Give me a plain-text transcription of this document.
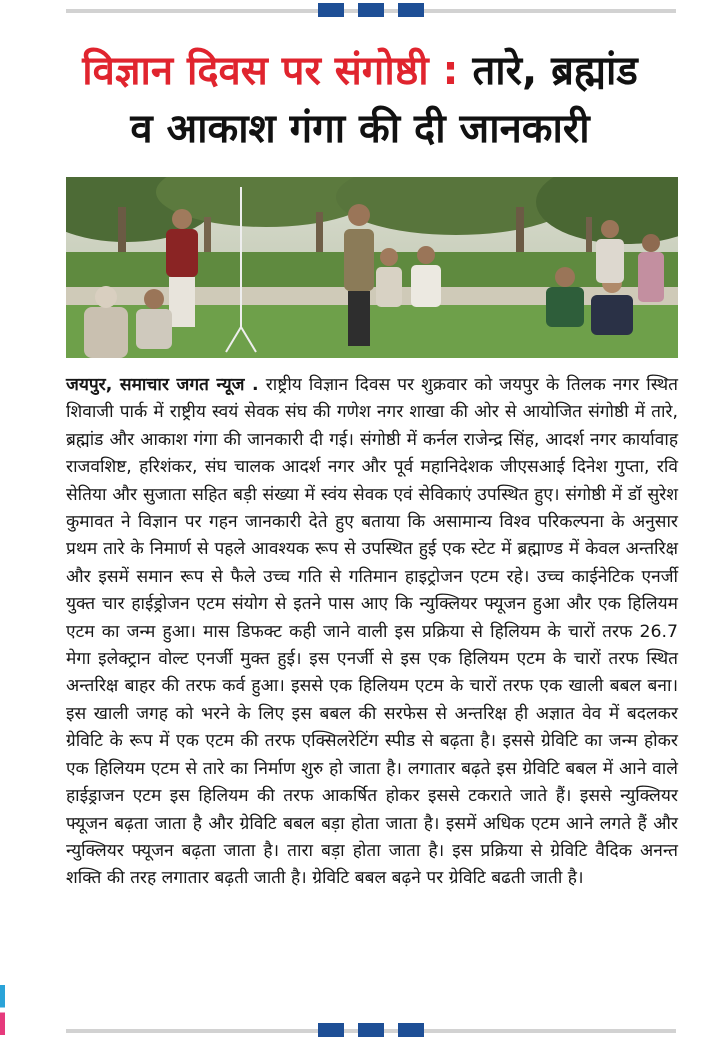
विज्ञान दिवस पर संगोष्ठी : तारे, ब्रह्मांड
व आकाश गंगा की दी जानकारी
जयपुर, समाचार जगत न्यूज . राष्ट्रीय विज्ञान दिवस पर शुक्रवार को जयपुर के तिलक नगर स्थित शिवाजी पार्क में राष्ट्रीय स्वयं सेवक संघ की गणेश नगर शाखा की ओर से आयोजित संगोष्ठी में तारे, ब्रह्मांड और आकाश गंगा की जानकारी दी गई। संगोष्ठी में कर्नल राजेन्द्र सिंह, आदर्श नगर कार्यावाह राजवशिष्ट, हरिशंकर, संघ चालक आदर्श नगर और पूर्व महानिदेशक जीएसआई दिनेश गुप्ता, रवि सेतिया और सुजाता सहित बड़ी संख्या में स्वंय सेवक एवं सेविकाएं उपस्थित हुए। संगोष्ठी में डॉ सुरेश कुमावत ने विज्ञान पर गहन जानकारी देते हुए बताया कि असामान्य विश्व परिकल्पना के अनुसार प्रथम तारे के निमार्ण से पहले आवश्यक रूप से उपस्थित हुई एक स्टेट में ब्रह्माण्ड में केवल अन्तरिक्ष और इसमें समान रूप से फैले उच्च गति से गतिमान हाइट्रोजन एटम रहे। उच्च काईनेटिक एनर्जी युक्त चार हाईड्रोजन एटम संयोग से इतने पास आए कि न्युक्लियर फ्यूजन हुआ और एक हिलियम एटम का जन्म हुआ। मास डिफक्ट कही जाने वाली इस प्रक्रिया से हिलियम के चारों तरफ 26.7 मेगा इलेक्ट्रान वोल्ट एनर्जी मुक्त हुई। इस एनर्जी से इस एक हिलियम एटम के चारों तरफ स्थित अन्तरिक्ष बाहर की तरफ कर्व हुआ। इससे एक हिलियम एटम के चारों तरफ एक खाली बबल बना। इस खाली जगह को भरने के लिए इस बबल की सरफेस से अन्तरिक्ष ही अज्ञात वेव में बदलकर ग्रेविटि के रूप में एक एटम की तरफ एक्सिलरेटिंग स्पीड से बढ़ता है। इससे ग्रेविटि का जन्म होकर एक हिलियम एटम से तारे का निर्माण शुरु हो जाता है। लगातार बढ़ते इस ग्रेविटि बबल में आने वाले हाईड्राजन एटम इस हिलियम की तरफ आकर्षित होकर इससे टकराते जाते हैं। इससे न्युक्लियर फ्यूजन बढ़ता जाता है और ग्रेविटि बबल बड़ा होता जाता है। इसमें अधिक एटम आने लगते हैं और न्युक्लियर फ्यूजन बढ़ता जाता है। तारा बड़ा होता जाता है। इस प्रक्रिया से ग्रेविटि वैदिक अनन्त शक्ति की तरह लगातार बढ़ती जाती है। ग्रेविटि बबल बढ़ने पर ग्रेविटि बढती जाती है।
